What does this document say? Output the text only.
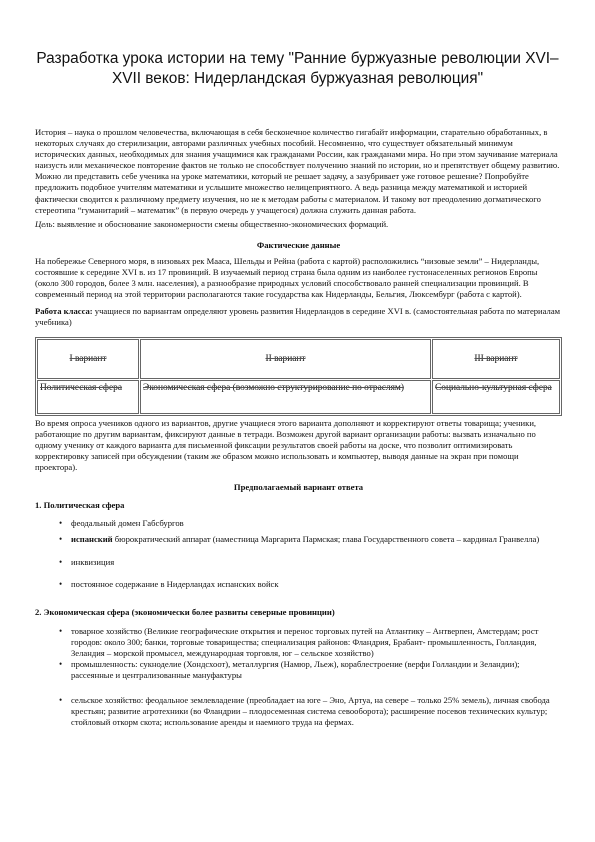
Разработка урока истории на тему "Ранние буржуазные революции XVI–XVII веков: Нидерландская буржуазная революция"

История – наука о прошлом человечества, включающая в себя бесконечное количество гигабайт информации, старательно обработанных, в некоторых случаях до стерилизации, авторами различных учебных пособий. Несомненно, что существует обязательный минимум исторических данных, необходимых для знания учащимися как гражданами России, как гражданами мира. Но при этом заучивание материала наизусть или механическое повторение фактов не только не способствует получению знаний по истории, но и препятствует общему развитию. Можно ли представить себе ученика на уроке математики, который не решает задачу, а зазубривает уже готовое решение? Попробуйте предложить подобное учителям математики и услышите множество нелицеприятного. А ведь разница между математикой и историей фактически сводится к различному предмету изучения, но не к методам работы с материалом. И такому вот преодолению догматического стереотипа “гуманитарий – математик” (в первую очередь у учащегося) должна служить данная работа.

Цель: выявление и обоснование закономерности смены общественно-экономических формаций.

Фактические данные

На побережье Северного моря, в низовьях рек Мааса, Шельды и Рейна (работа с картой) расположились “низовые земли” – Нидерланды, состоявшие к середине XVI в. из 17 провинций. В изучаемый период страна была одним из наиболее густонаселенных регионов Европы (около 300 городов, более 3 млн. населения), а разнообразие природных условий способствовало ранней специализации провинций. В современный период на этой территории располагаются такие государства как Нидерланды, Бельгия, Люксембург (работа с картой).

Работа класса: учащиеся по вариантам определяют уровень развития Нидерландов в середине XVI в. (самостоятельная работа по материалам учебника)

I вариант	II вариант	III вариант
Политическая сфера	Экономическая сфера (возможно структурирование по отраслям)	Социально-культурная сфера

Во время опроса учеников одного из вариантов, другие учащиеся этого варианта дополняют и корректируют ответы товарища; ученики, работающие по другим вариантам, фиксируют данные в тетради. Возможен другой вариант организации работы: вызвать изначально по одному ученику от каждого варианта для письменной фиксации результатов своей работы на доске, что позволит оптимизировать корректировку записей при обсуждении (таким же образом можно использовать и компьютер, выводя данные на экран при помощи проектора).

Предполагаемый вариант ответа

1. Политическая сфера

• феодальный домен Габсбургов
• испанский бюрократический аппарат (наместница Маргарита Пармская; глава Государственного совета – кардинал Гранвелла)
• инквизиция
• постоянное содержание в Нидерландах испанских войск

2. Экономическая сфера (экономически более развиты северные провинции)

• товарное хозяйство (Великие географические открытия и перенос торговых путей на Атлантику – Антверпен, Амстердам; рост городов: около 300; банки, торговые товарищества; специализация районов: Фландрия, Брабант- промышленность, Голландия, Зеландия – морской промысел, международная торговля, юг – сельское хозяйство)
• промышленность: сукноделие (Хондсхоот), металлургия (Намюр, Льеж), кораблестроение (верфи Голландии и Зеландии); рассеянные и централизованные мануфактуры
• сельское хозяйство: феодальное землевладение (преобладает на юге – Эно, Артуа, на севере – только 25% земель), личная свобода крестьян; развитие агротехники (во Фландрии – плодосеменная система севооборота); расширение посевов технических культур; стойловый откорм скота; использование аренды и наемного труда на фермах.
